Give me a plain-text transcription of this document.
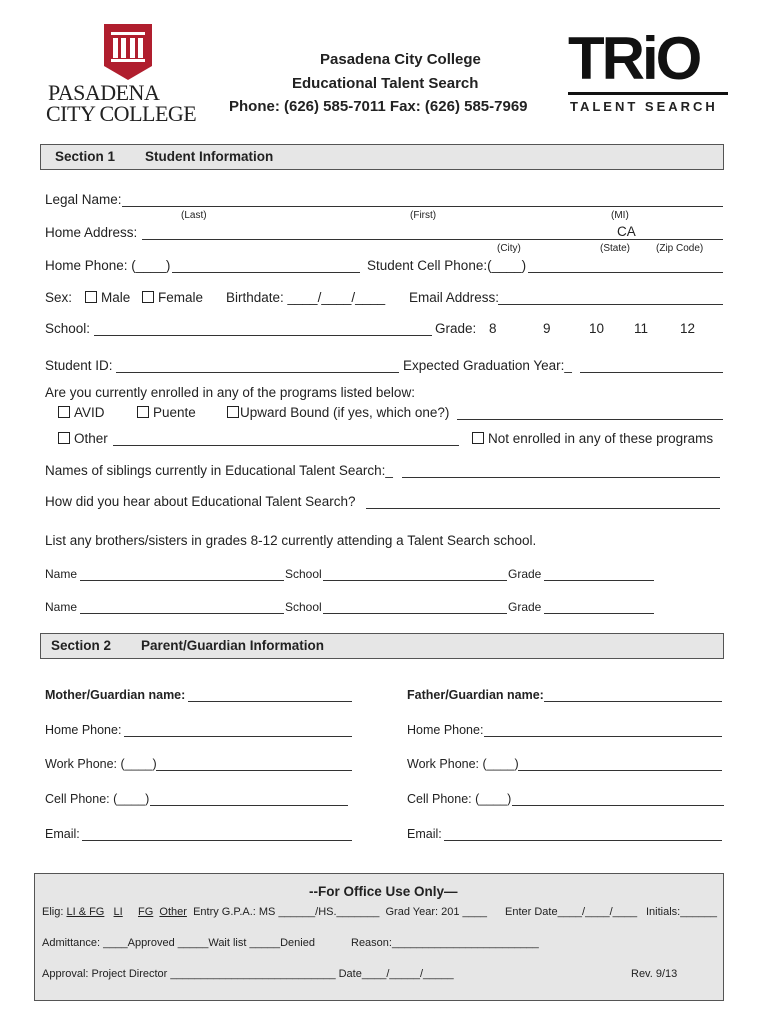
PASADENA
CITY COLLEGE
Pasadena City College
Educational Talent Search
Phone: (626) 585-7011 Fax: (626) 585-7969
TRiO
TALENT SEARCH
Section 1 Student Information
Legal Name:
(Last)	(First)	(MI)
Home Address:	CA
(City)	(State)	(Zip Code)
Home Phone: (____)	Student Cell Phone:(____)
Sex:	Male	Female Birthdate: ____/____/____ Email Address:
School:	Grade: 8	9	10 11 12
Student ID:	Expected Graduation Year:_
Are you currently enrolled in any of the programs listed below:
AVID	Puente	Upward Bound (if yes, which one?)
Other	Not enrolled in any of these programs
Names of siblings currently in Educational Talent Search:_
How did you hear about Educational Talent Search?
List any brothers/sisters in grades 8-12 currently attending a Talent Search school.
Name	School	Grade
Name	School	Grade
Section 2 Parent/Guardian Information
Mother/Guardian name:	Father/Guardian name:
Home Phone:	Home Phone:
Work Phone: (____)	Work Phone: (____)
Cell Phone: (____)	Cell Phone: (____)
Email:	Email:
--For Office Use Only—
Elig: LI & FG LI FG Other Entry G.P.A.: MS ______/HS._______ Grad Year: 201 ____ Enter Date____/____/____ Initials:______
Admittance: ____Approved _____Wait list _____Denied	Reason:________________________
Approval: Project Director ___________________________ Date____/_____/_____	Rev. 9/13
